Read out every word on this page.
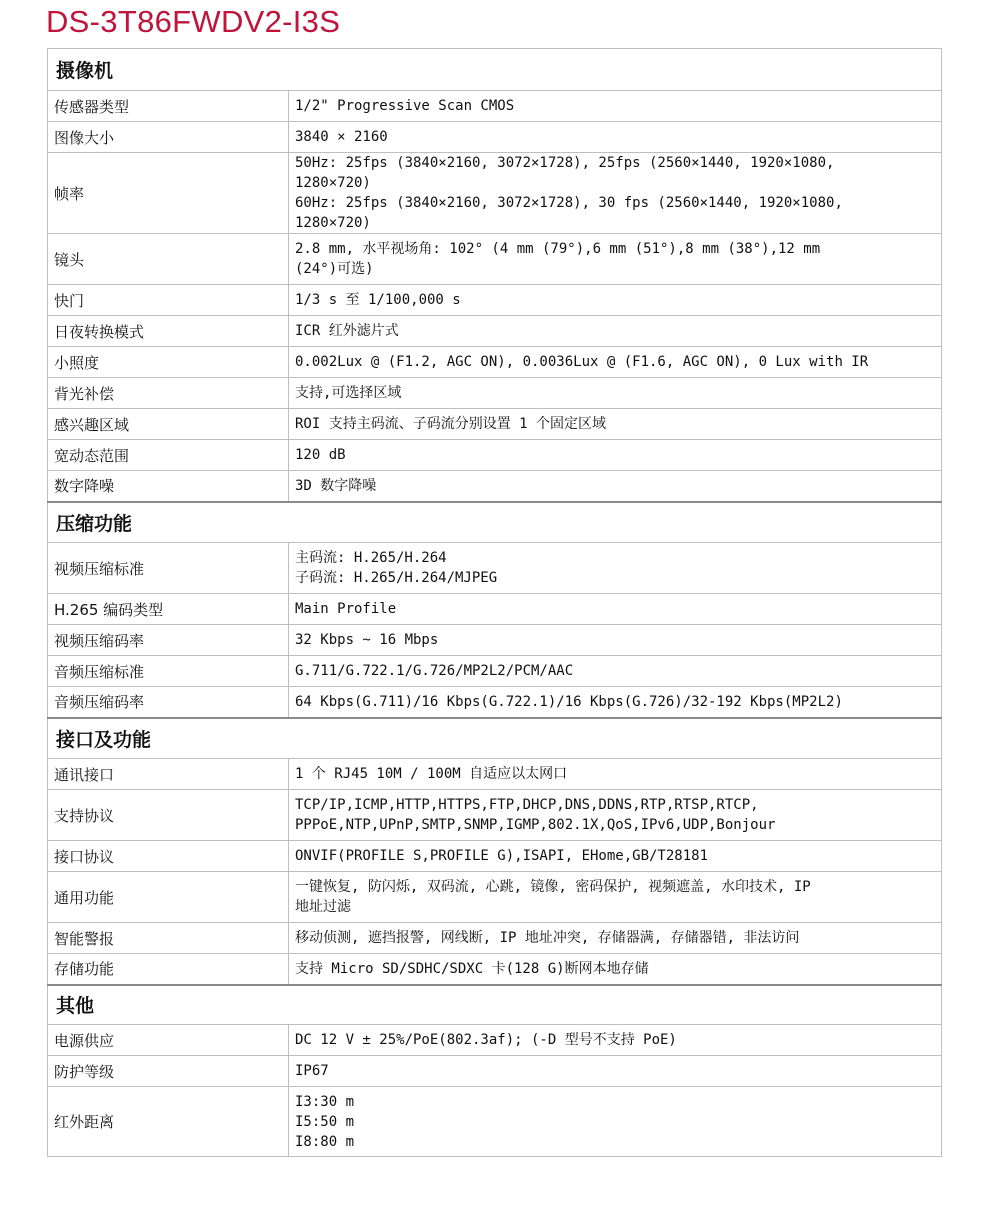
DS-3T86FWDV2-I3S
摄像机	
传感器类型	1/2" Progressive Scan CMOS

图像大小	3840 × 2160

帧率	50Hz: 25fps (3840×2160, 3072×1728), 25fps (2560×1440, 1920×1080,
1280×720)
60Hz: 25fps (3840×2160, 3072×1728), 30 fps (2560×1440, 1920×1080,
1280×720)

镜头	2.8 mm, 水平视场角: 102° (4 mm (79°),6 mm (51°),8 mm (38°),12 mm
(24°)可选)

快门	1/3 s 至 1/100,000 s

日夜转换模式	ICR 红外滤片式

小照度	0.002Lux @ (F1.2, AGC ON), 0.0036Lux @ (F1.6, AGC ON), 0 Lux with IR

背光补偿	支持,可选择区域

感兴趣区域	ROI 支持主码流、子码流分别设置 1 个固定区域

宽动态范围	120 dB

数字降噪	3D 数字降噪

压缩功能	
视频压缩标准	主码流: H.265/H.264
子码流: H.265/H.264/MJPEG

H.265 编码类型	Main Profile

视频压缩码率	32 Kbps ~ 16 Mbps

音频压缩标准	G.711/G.722.1/G.726/MP2L2/PCM/AAC

音频压缩码率	64 Kbps(G.711)/16 Kbps(G.722.1)/16 Kbps(G.726)/32-192 Kbps(MP2L2)

接口及功能	
通讯接口	1 个 RJ45 10M / 100M 自适应以太网口

支持协议	TCP/IP,ICMP,HTTP,HTTPS,FTP,DHCP,DNS,DDNS,RTP,RTSP,RTCP,
PPPoE,NTP,UPnP,SMTP,SNMP,IGMP,802.1X,QoS,IPv6,UDP,Bonjour

接口协议	ONVIF(PROFILE S,PROFILE G),ISAPI, EHome,GB/T28181

通用功能	一键恢复, 防闪烁, 双码流, 心跳, 镜像, 密码保护, 视频遮盖, 水印技术, IP
地址过滤

智能警报	移动侦测, 遮挡报警, 网线断, IP 地址冲突, 存储器满, 存储器错, 非法访问

存储功能	支持 Micro SD/SDHC/SDXC 卡(128 G)断网本地存储

其他	
电源供应	DC 12 V ± 25%/PoE(802.3af); (-D 型号不支持 PoE)

防护等级	IP67

红外距离	I3:30 m
I5:50 m
I8:80 m
